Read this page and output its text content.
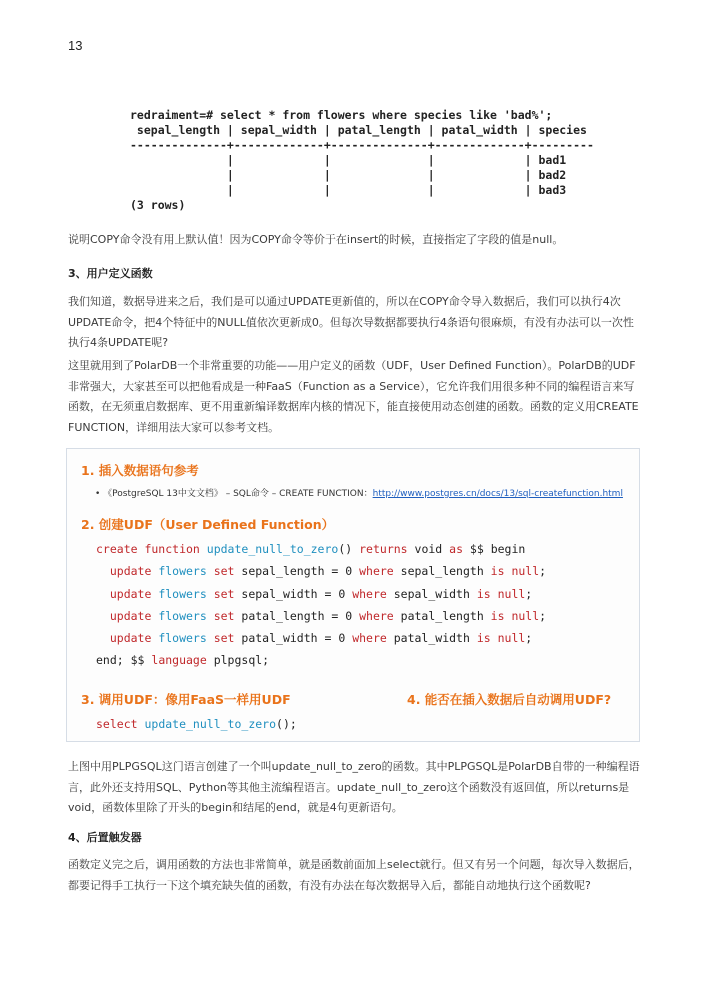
13
redraiment=# select * from flowers where species like 'bad%';
sepal_length | sepal_width | patal_length | patal_width | species
--------------+-------------+--------------+-------------+---------
|             |              |             | bad1
|             |              |             | bad2
|             |              |             | bad3
(3 rows)

说明COPY命令没有用上默认值！因为COPY命令等价于在insert的时候，直接指定了字段的值是null。

3、用户定义函数

我们知道，数据导进来之后，我们是可以通过UPDATE更新值的，所以在COPY命令导入数据后，我们可以执行4次UPDATE命令，把4个特征中的NULL值依次更新成0。但每次导数据都要执行4条语句很麻烦，有没有办法可以一次性执行4条UPDATE呢?

这里就用到了PolarDB一个非常重要的功能——用户定义的函数（UDF，User Defined Function）。PolarDB的UDF非常强大，大家甚至可以把他看成是一种FaaS（Function as a Service），它允许我们用很多种不同的编程语言来写函数，在无须重启数据库、更不用重新编译数据库内核的情况下，能直接使用动态创建的函数。函数的定义用CREATE FUNCTION，详细用法大家可以参考文档。

1. 插入数据语句参考
• 《PostgreSQL 13中文文档》 – SQL命令 – CREATE FUNCTION：http://www.postgres.cn/docs/13/sql-createfunction.html
2. 创建UDF（User Defined Function）
create function update_null_to_zero() returns void as $$ begin
update flowers set sepal_length = 0 where sepal_length is null;
update flowers set sepal_width = 0 where sepal_width is null;
update flowers set patal_length = 0 where patal_length is null;
update flowers set patal_width = 0 where patal_width is null;
end; $$ language plpgsql;
3. 调用UDF：像用FaaS一样用UDF	4. 能否在插入数据后自动调用UDF?
select update_null_to_zero();

上图中用PLPGSQL这门语言创建了一个叫update_null_to_zero的函数。其中PLPGSQL是PolarDB自带的一种编程语言，此外还支持用SQL、Python等其他主流编程语言。update_null_to_zero这个函数没有返回值，所以returns是void，函数体里除了开头的begin和结尾的end，就是4句更新语句。

4、后置触发器

函数定义完之后，调用函数的方法也非常简单，就是函数前面加上select就行。但又有另一个问题，每次导入数据后，都要记得手工执行一下这个填充缺失值的函数，有没有办法在每次数据导入后，都能自动地执行这个函数呢?
